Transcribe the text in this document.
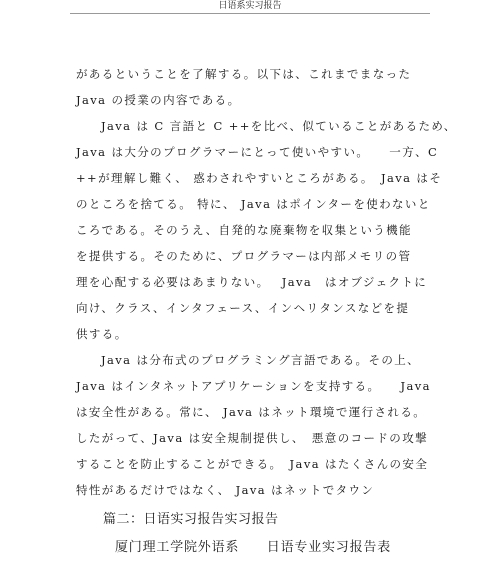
日语系实习报告
があるということを了解する。以下は、これまでまなった
Java の授業の内容である。
Java は C 言語と C ++を比べ、似ていることがあるため、
Java は大分のプログラマーにとって使いやすい。　　一方、C
++が理解し難く、 惑わされやすいところがある。　Java はそ
のところを捨てる。 特に、 Java はポインターを使わないと
ころである。そのうえ、自発的な廃棄物を収集という機能
を提供する。そのために、プログラマーは内部メモリの管
理を心配する必要はあまりない。　 Java　はオブジェクトに
向け、クラス、インタフェース、インヘリタンスなどを提
供する。
Java は分布式のプログラミング言語である。その上、
Java はインタネットアプリケーションを支持する。　　Java
は安全性がある。常に、 Java はネット環境で運行される。
したがって、Java は安全規制提供し、　悪意のコードの攻撃
することを防止することができる。　Java はたくさんの安全
特性があるだけではなく、 Java はネットでタウン
篇二：日语实习报告实习报告
厦门理工学院外语系　　日语专业实习报告表
